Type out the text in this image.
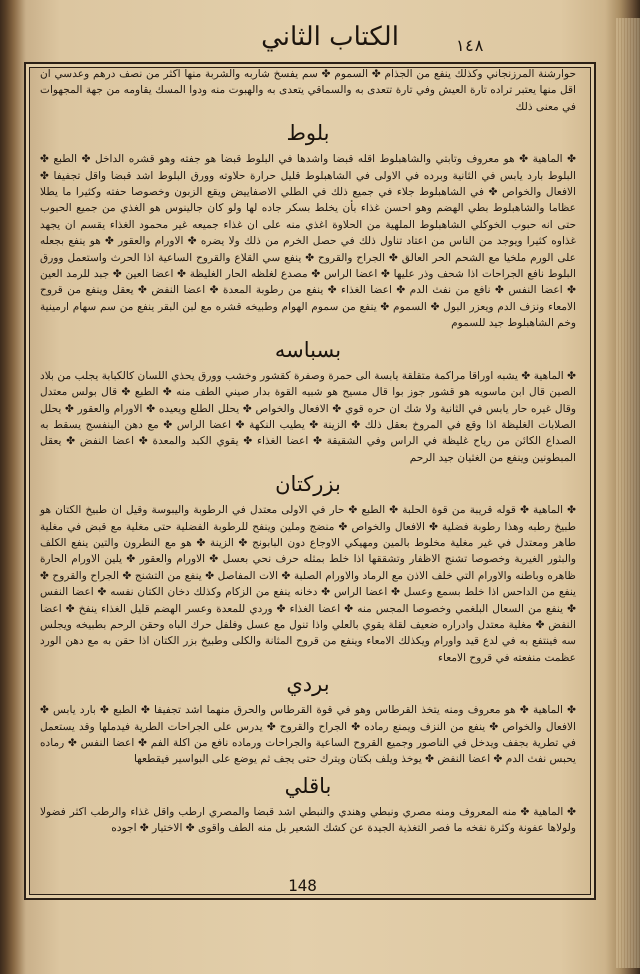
الكتاب الثاني	١٤٨

حوارشنة المرزنجاني وكذلك ينفع من الجذام ✤ السموم ✤ سم يفسخ شاربه والشربة منها اكثر من نصف درهم وعدسي ان اقل منها يعتبر تراده تارة العيش وفي تارة تتعدى به والسماقي يتعدى به والهبوت منه ودوا المسك يقاومه من جهة المجهوات في معنى ذلك

بلوط

✤ الماهية ✤ هو معروف وتابتي والشاهبلوط اقله قبضا واشدها في البلوط قبضا هو جفته وهو قشره الداخل ✤ الطبع ✤ البلوط بارد يابس في الثانية وبرده في الاولى في الشاهبلوط قليل حرارة حلاوته وورق البلوط اشد قبضا واقل تجفيفا ✤ الافعال والخواص ✤ في الشاهبلوط جلاء في جميع ذلك في الطلي الاصفاييض ويقع الزبون وخصوصا حفته وكثيرا ما يطلا عظاما والشاهبلوط بطي الهضم وهو احسن غذاء بأن يخلط بسكر جاده لها ولو كان جالينوس هو الغذي من جميع الحبوب حتى انه حبوب الخوكلي الشاهبلوط الملهية من الحلاوة اغذي منه على ان غذاء جميعه غير محمود الغذاء يقسم ان يجهد غذاوه كثيرا ويوجد من الناس من اعتاد تناول ذلك في حصل الخرم من ذلك ولا يضره ✤ الاورام والعقور ✤ هو ينفع بجعله على الورم ملخيا مع الشحم الحر العالق ✤ الجراح والقروح ✤ ينفع سي القلاع والقروح الساعية اذا الحرث واستعمل وورق البلوط نافع الجراحات اذا شحف وذر عليها ✤ اعضا الراس ✤ مصدع لغلظه الحار الغليظة ✤ اعضا العين ✤ جبد للرمد العين ✤ اعضا النفس ✤ نافع من نفث الدم ✤ اعضا الغذاء ✤ ينفع من رطوبة المعدة ✤ اعضا النفض ✤ يعقل وينفع من قروح الامعاء ونزف الدم ويعزر البول ✤ السموم ✤ ينفع من سموم الهوام وطبيخه قشره مع لبن البقر ينفع من سم سهام ارمينية وخم الشاهبلوط جيد للسموم

بسباسه

✤ الماهية ✤ يشبه اوراقا مراكمة متقلقة يابسة الى حمرة وصفرة كقشور وخشب وورق يحذي اللسان كالكبابة يجلب من بلاد الصين قال ابن ماسويه هو قشور جوز بوا قال مسيح هو شبيه القوة بدار صيني الطف منه ✤ الطبع ✤ قال بولس معتدل وقال غيره حار يابس في الثانية ولا شك ان حره قوي ✤ الافعال والخواص ✤ يحلل الطلع ويعيده ✤ الاورام والعقور ✤ يحلل الصلابات الغليظة اذا وقع في المروخ بعقل ذلك ✤ الزينة ✤ يطيب النكهة ✤ اعضا الراس ✤ مع دهن البنفسج يسقط به الصداع الكائن من رياح غليظة في الراس وفي الشقيقة ✤ اعضا الغذاء ✤ يقوي الكبد والمعدة ✤ اعضا النفض ✤ يعقل المبطونين وينفع من الغثيان جيد الرحم

بزركتان

✤ الماهية ✤ قوله قريبة من قوة الحلبة ✤ الطبع ✤ حار في الاولى معتدل في الرطوبة واليبوسة وقيل ان طبيخ الكتان هو طبيخ رطبه وهذا رطوبة فضلية ✤ الافعال والخواص ✤ منضج وملين وينفح للرطوبة الفضلية حتى مغلية مع قبض في مغلية طاهر ومعتدل في غير مغلية مخلوط بالمين ومهيكي الاوجاع دون البابونج ✤ الزينة ✤ هو مع النطرون والتين ينفع الكلف والبثور الغيرية وخصوصا تشنج الاظفار وتشققها اذا خلط بمثله حرف نحي بعسل ✤ الاورام والعقور ✤ يلين الاورام الحارة ظاهره وباطنه والاورام التي خلف الاذن مع الرماد والاورام الصلبة ✤ الات المفاصل ✤ ينفع من التشنج ✤ الجراح والقروح ✤ ينفع من الداحس اذا خلط بسمع وعسل ✤ اعضا الراس ✤ دخانه ينفع من الزكام وكذلك دخان الكتان نفسه ✤ اعضا النفس ✤ ينفع من السعال البلغمي وخصوصا المجس منه ✤ اعضا الغذاء ✤ وردي للمعدة وعسر الهضم قليل الغذاء ينفخ ✤ اعضا النفض ✤ مغلية معتدل وادراره ضعيف لقلة يقوي بالعلي واذا تنول مع عسل وفلفل حرك الباه وحقن الرحم بطبيخه ويجلس سه فينتفع به في لدع قيد واورام ويكذلك الامعاء وينفع من قروح المثانة والكلى وطبيخ بزر الكتان اذا حقن به مع دهن الورد عظمت منفعته في قروح الامعاء

بردي

✤ الماهية ✤ هو معروف ومنه يتخذ القرطاس وهو في قوة القرطاس والحرق منهما اشد تجفيفا ✤ الطبع ✤ بارد يابس ✤ الافعال والخواص ✤ ينفع من النزف ويمنع رماده ✤ الجراح والقروح ✤ يدرس على الجراحات الطرية فيدملها وقد يستعمل في تطرية بجفف ويدخل في الناصور وجميع القروح الساعية والجراحات ورماده نافع من اكلة الفم ✤ اعضا النفس ✤ رماده يحبس نفث الدم ✤ اعضا النفض ✤ يوخذ ويلف بكتان ويترك حتى يجف ثم يوضع على البواسير فيقطعها

باقلي

✤ الماهية ✤ منه المعروف ومنه مصري ونبطي وهندي والنبطي اشد قبضا والمصري ارطب واقل غذاء والرطب اكثر فضولا ولولاها عفونة وكثرة نفخه ما فصر التغذية الجيدة عن كشك الشعير بل منه الطف واقوى ✤ الاختيار ✤ اجوده

148
